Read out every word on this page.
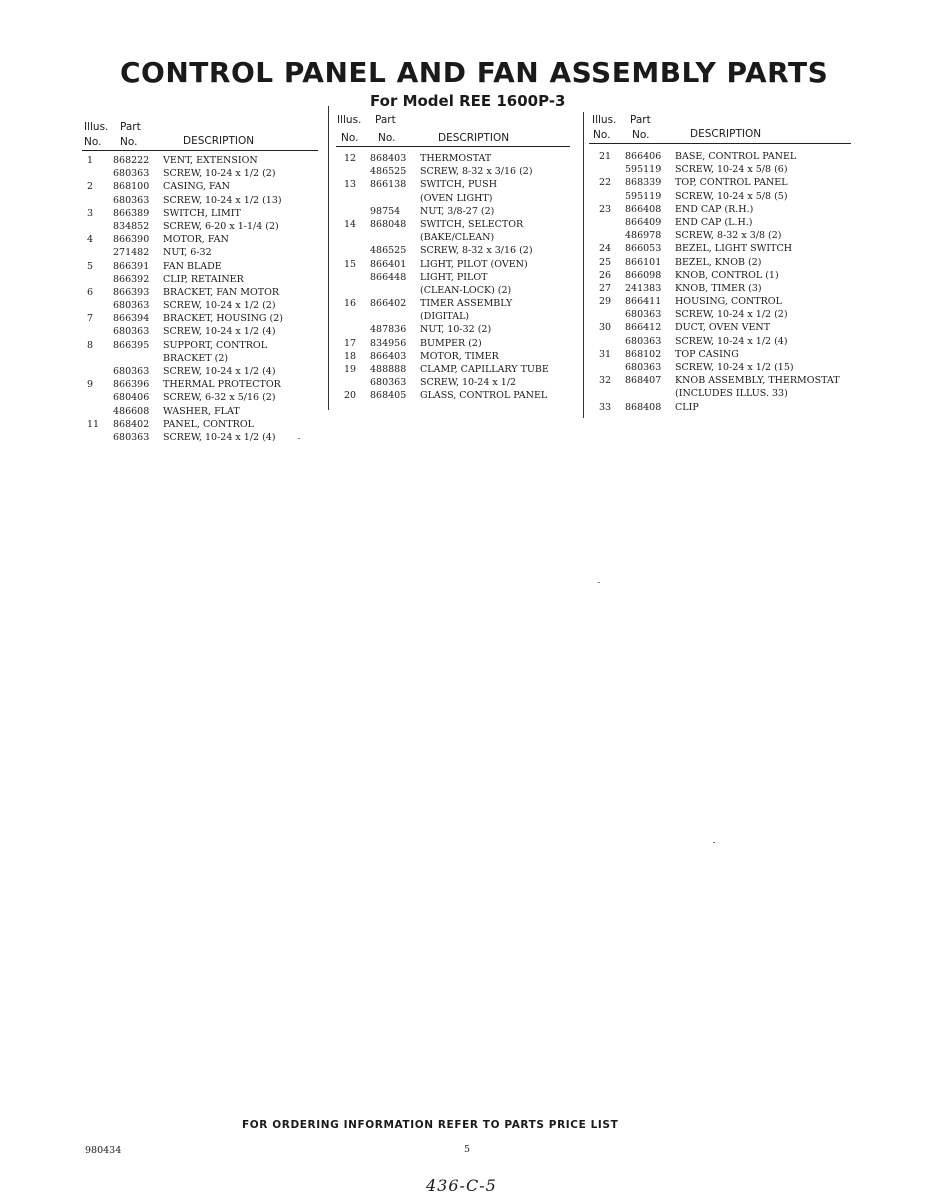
CONTROL PANEL AND FAN ASSEMBLY PARTS
For Model REE 1600P-3
Illus. Part
No. No.	DESCRIPTION
1	868222 VENT, EXTENSION
680363 SCREW, 10-24 x 1/2 (2)
2	868100 CASING, FAN
680363 SCREW, 10-24 x 1/2 (13)
3	866389 SWITCH, LIMIT
834852 SCREW, 6-20 x 1-1/4 (2)
4	866390 MOTOR, FAN
271482 NUT, 6-32
5	866391 FAN BLADE
866392 CLIP, RETAINER
6	866393 BRACKET, FAN MOTOR
680363 SCREW, 10-24 x 1/2 (2)
7	866394 BRACKET, HOUSING (2)
680363 SCREW, 10-24 x 1/2 (4)
8	866395 SUPPORT, CONTROL
BRACKET (2)
680363 SCREW, 10-24 x 1/2 (4)
9	866396 THERMAL PROTECTOR
680406 SCREW, 6-32 x 5/16 (2)
486608 WASHER, FLAT
11	868402 PANEL, CONTROL
680363 SCREW, 10-24 x 1/2 (4)
Illus. Part
No. No.	DESCRIPTION
12	868403 THERMOSTAT
486525 SCREW, 8-32 x 3/16 (2)
13	866138 SWITCH, PUSH
(OVEN LIGHT)
98754 NUT, 3/8-27 (2)
14	868048 SWITCH, SELECTOR
(BAKE/CLEAN)
486525 SCREW, 8-32 x 3/16 (2)
15	866401 LIGHT, PILOT (OVEN)
866448 LIGHT, PILOT
(CLEAN-LOCK) (2)
16	866402 TIMER ASSEMBLY
(DIGITAL)
487836 NUT, 10-32 (2)
17	834956 BUMPER (2)
18	866403 MOTOR, TIMER
19	488888 CLAMP, CAPILLARY TUBE
680363 SCREW, 10-24 x 1/2
20	868405 GLASS, CONTROL PANEL
Illus. Part
No. No.	DESCRIPTION
21	866406 BASE, CONTROL PANEL
595119 SCREW, 10-24 x 5/8 (6)
22	868339 TOP, CONTROL PANEL
595119 SCREW, 10-24 x 5/8 (5)
23	866408 END CAP (R.H.)
866409 END CAP (L.H.)
486978 SCREW, 8-32 x 3/8 (2)
24	866053 BEZEL, LIGHT SWITCH
25	866101 BEZEL, KNOB (2)
26	866098 KNOB, CONTROL (1)
27	241383 KNOB, TIMER (3)
29	866411 HOUSING, CONTROL
680363 SCREW, 10-24 x 1/2 (2)
30	866412 DUCT, OVEN VENT
680363 SCREW, 10-24 x 1/2 (4)
31	868102 TOP CASING
680363 SCREW, 10-24 x 1/2 (15)
32	868407 KNOB ASSEMBLY, THERMOSTAT
(INCLUDES ILLUS. 33)
33	868408 CLIP

FOR ORDERING INFORMATION REFER TO PARTS PRICE LIST

980434	5
436-C-5
